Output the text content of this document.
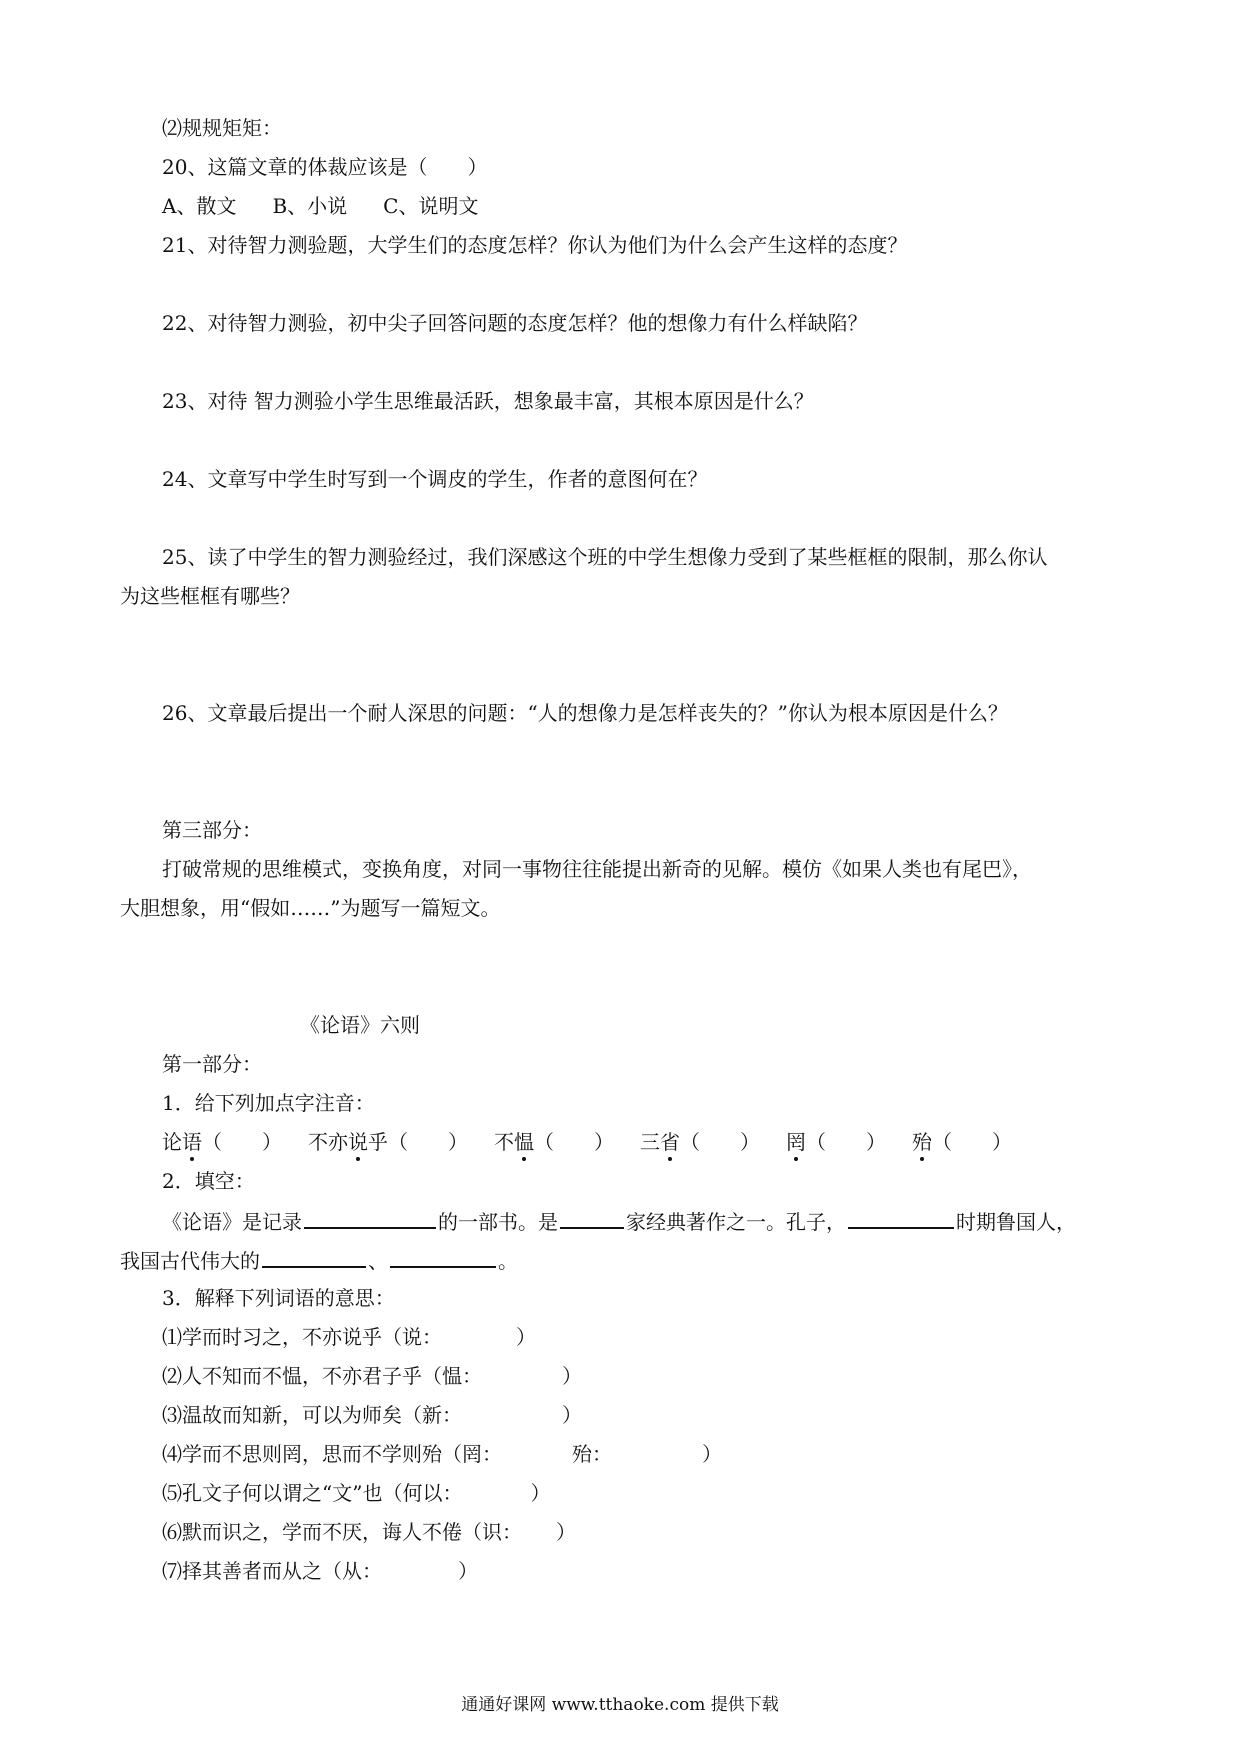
⑵规规矩矩：
20、这篇文章的体裁应该是（　　）
A、散文 B、小说 C、说明文
21、对待智力测验题，大学生们的态度怎样？你认为他们为什么会产生这样的态度？
22、对待智力测验，初中尖子回答问题的态度怎样？他的想像力有什么样缺陷？
23、对待 智力测验小学生思维最活跃，想象最丰富，其根本原因是什么？
24、文章写中学生时写到一个调皮的学生，作者的意图何在？
25、读了中学生的智力测验经过，我们深感这个班的中学生想像力受到了某些框框的限制，那么你认
为这些框框有哪些？
26、文章最后提出一个耐人深思的问题：“人的想像力是怎样丧失的？”你认为根本原因是什么？
第三部分：
打破常规的思维模式，变换角度，对同一事物往往能提出新奇的见解。模仿《如果人类也有尾巴》，
大胆想象，用“假如……”为题写一篇短文。
《论语》六则
第一部分：
1．给下列加点字注音：
论语（　　） 不亦说乎（　　） 不愠（　　） 三省（　　） 罔（　　） 殆（　　）
2．填空：
《论语》是记录	的一部书。是	家经典著作之一。孔子，	时期鲁国人，
我国古代伟大的	、	。
3．解释下列词语的意思：
⑴学而时习之，不亦说乎（说：	）
⑵人不知而不愠，不亦君子乎（愠：	）
⑶温故而知新，可以为师矣（新：	）
⑷学而不思则罔，思而不学则殆（罔：	殆：	）
⑸孔文子何以谓之“文”也（何以：	）
⑹默而识之，学而不厌，诲人不倦（识： ）
⑺择其善者而从之（从：	）
通通好课网 www.tthaoke.com 提供下载
